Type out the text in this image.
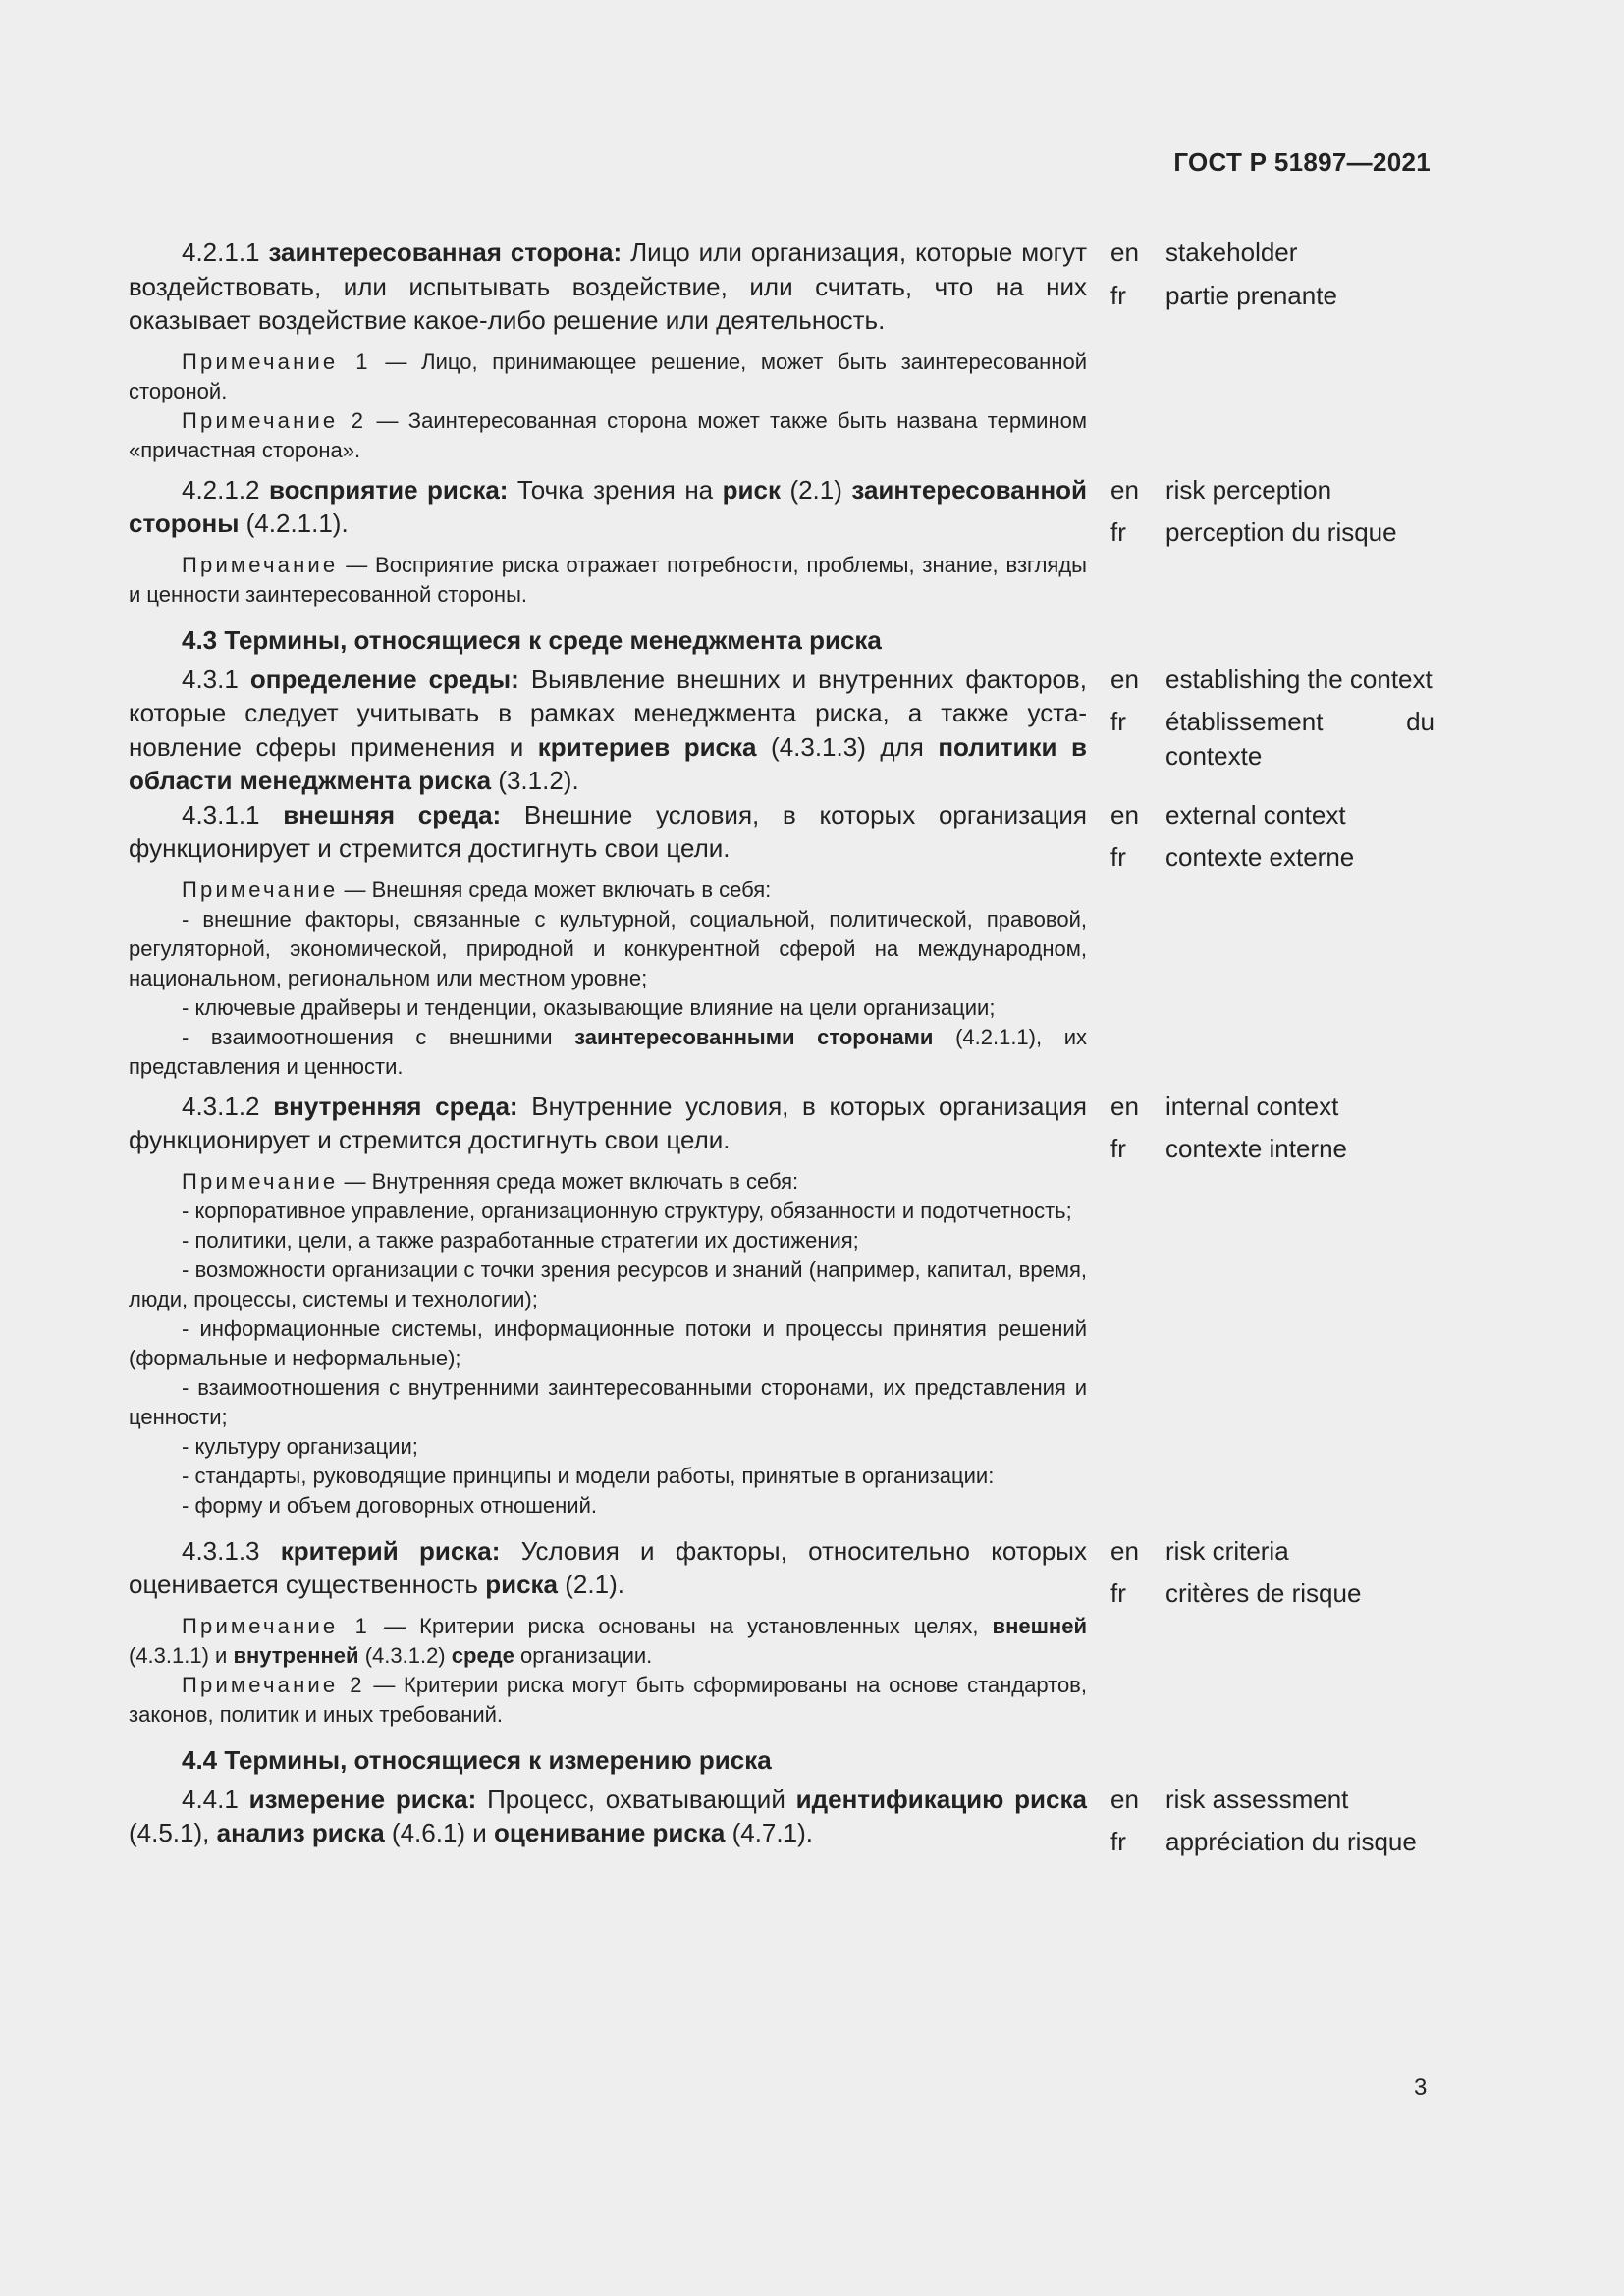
ГОСТ Р 51897—2021

4.2.1.1 заинтересованная сторона: Лицо или организация, которые могут воздействовать, или испытывать воздействие, или считать, что на них оказывает воздействие какое-либо решение или деятельность.

Примечание 1 — Лицо, принимающее решение, может быть заинтересованной стороной.

Примечание 2 — Заинтересованная сторона может также быть названа термином «причастная сторона».

en	stakeholder
fr	partie prenante

4.2.1.2 восприятие риска: Точка зрения на риск (2.1) заинтересованной стороны (4.2.1.1).

Примечание — Восприятие риска отражает потребности, проблемы, знание, взгляды и ценности заинтересованной стороны.

en	risk perception
fr	perception du risque

4.3 Термины, относящиеся к среде менеджмента риска

4.3.1 определение среды: Выявление внешних и внутренних факторов, которые следует учитывать в рамках менеджмента риска, а также установление сферы применения и критериев риска (4.3.1.3) для политики в области менеджмента риска (3.1.2).

en	establishing the context
fr	établissement du contexte

4.3.1.1 внешняя среда: Внешние условия, в которых организация функционирует и стремится достигнуть свои цели.

Примечание — Внешняя среда может включать в себя:

- внешние факторы, связанные с культурной, социальной, политической, правовой, регуляторной, экономической, природной и конкурентной сферой на международном, национальном, региональном или местном уровне;

- ключевые драйверы и тенденции, оказывающие влияние на цели организации;

- взаимоотношения с внешними заинтересованными сторонами (4.2.1.1), их представления и ценности.

en	external context
fr	contexte externe

4.3.1.2 внутренняя среда: Внутренние условия, в которых организация функционирует и стремится достигнуть свои цели.

Примечание — Внутренняя среда может включать в себя:

- корпоративное управление, организационную структуру, обязанности и подотчетность;

- политики, цели, а также разработанные стратегии их достижения;

- возможности организации с точки зрения ресурсов и знаний (например, капитал, время, люди, процессы, системы и технологии);

- информационные системы, информационные потоки и процессы принятия решений (формальные и неформальные);

- взаимоотношения с внутренними заинтересованными сторонами, их представления и ценности;

- культуру организации;

- стандарты, руководящие принципы и модели работы, принятые в организации:

- форму и объем договорных отношений.

en	internal context
fr	contexte interne

4.3.1.3 критерий риска: Условия и факторы, относительно которых оценивается существенность риска (2.1).

Примечание 1 — Критерии риска основаны на установленных целях, внешней (4.3.1.1) и внутренней (4.3.1.2) среде организации.

Примечание 2 — Критерии риска могут быть сформированы на основе стандартов, законов, политик и иных требований.

en	risk criteria
fr	critères de risque

4.4 Термины, относящиеся к измерению риска

4.4.1 измерение риска: Процесс, охватывающий идентификацию риска (4.5.1), анализ риска (4.6.1) и оценивание риска (4.7.1).

en	risk assessment
fr	appréciation du risque
3
